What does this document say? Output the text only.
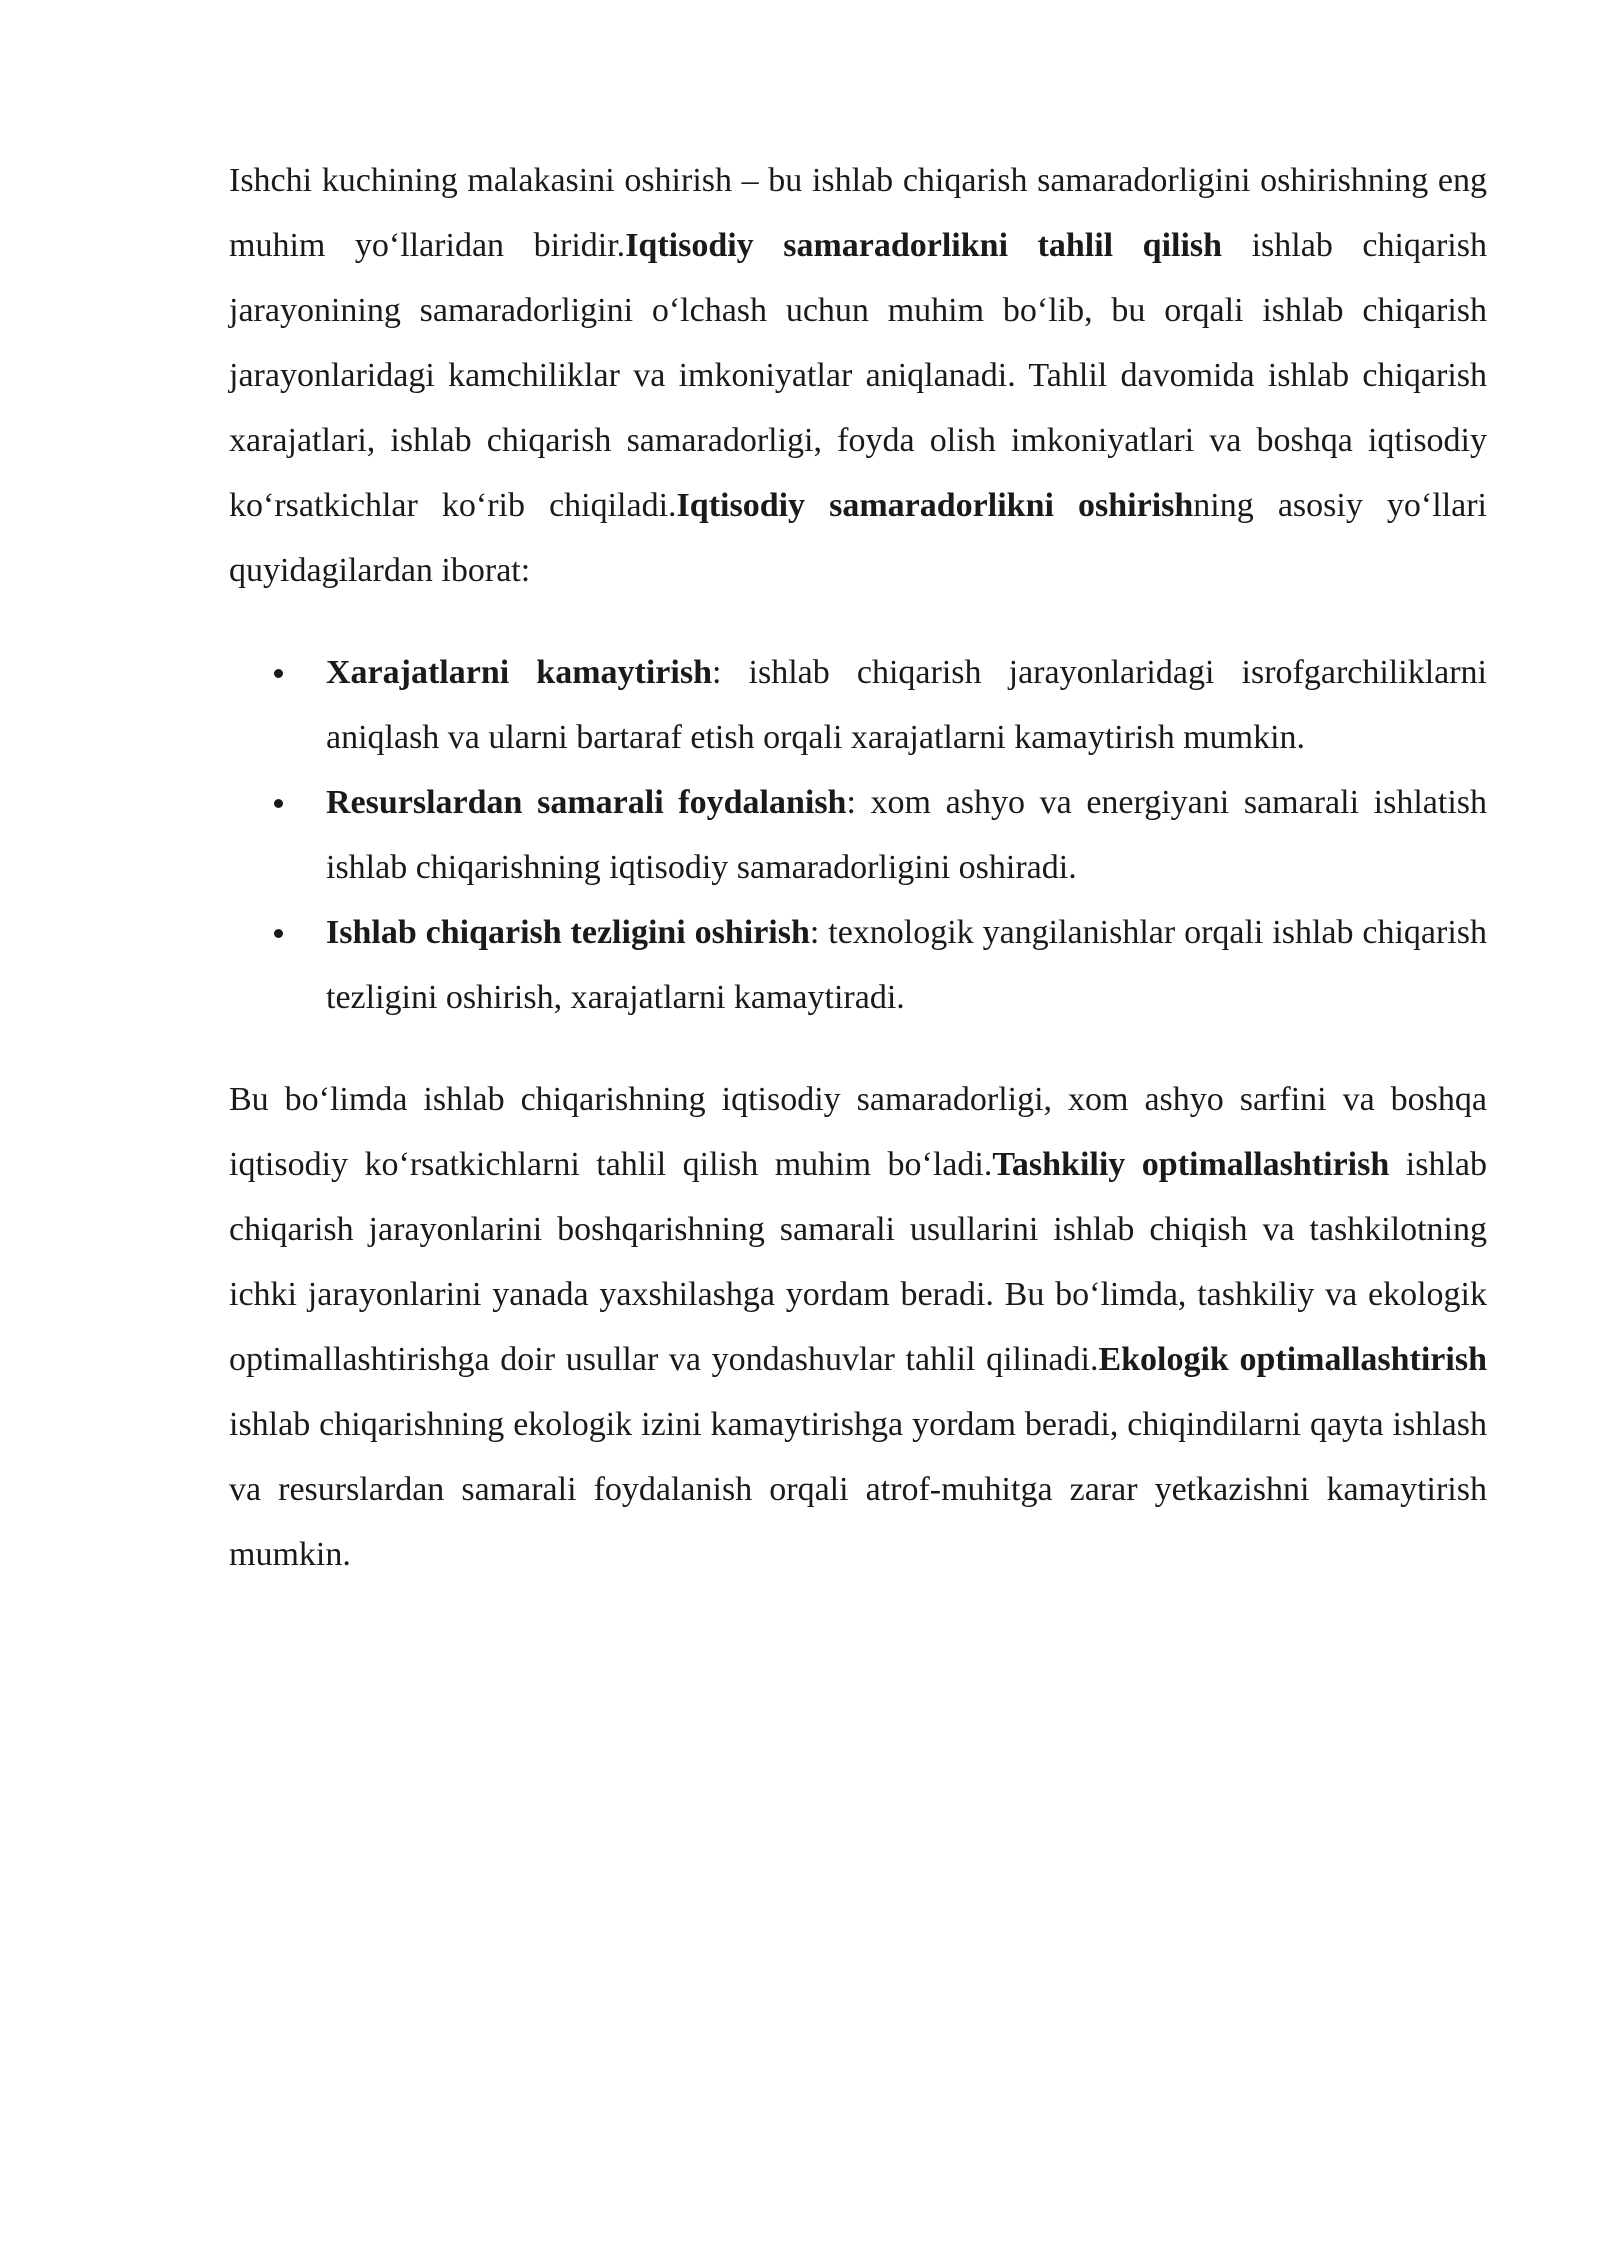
Ishchi kuchining malakasini oshirish – bu ishlab chiqarish samaradorligini oshirishning eng muhim yo‘llaridan biridir.Iqtisodiy samaradorlikni tahlil qilish ishlab chiqarish jarayonining samaradorligini o‘lchash uchun muhim bo‘lib, bu orqali ishlab chiqarish jarayonlaridagi kamchiliklar va imkoniyatlar aniqlanadi. Tahlil davomida ishlab chiqarish xarajatlari, ishlab chiqarish samaradorligi, foyda olish imkoniyatlari va boshqa iqtisodiy ko‘rsatkichlar ko‘rib chiqiladi.Iqtisodiy samaradorlikni oshirishning asosiy yo‘llari quyidagilardan iborat:

Xarajatlarni kamaytirish: ishlab chiqarish jarayonlaridagi isrofgarchiliklarni aniqlash va ularni bartaraf etish orqali xarajatlarni kamaytirish mumkin.
Resurslardan samarali foydalanish: xom ashyo va energiyani samarali ishlatish ishlab chiqarishning iqtisodiy samaradorligini oshiradi.
Ishlab chiqarish tezligini oshirish: texnologik yangilanishlar orqali ishlab chiqarish tezligini oshirish, xarajatlarni kamaytiradi.

Bu bo‘limda ishlab chiqarishning iqtisodiy samaradorligi, xom ashyo sarfini va boshqa iqtisodiy ko‘rsatkichlarni tahlil qilish muhim bo‘ladi.Tashkiliy optimallashtirish ishlab chiqarish jarayonlarini boshqarishning samarali usullarini ishlab chiqish va tashkilotning ichki jarayonlarini yanada yaxshilashga yordam beradi. Bu bo‘limda, tashkiliy va ekologik optimallashtirishga doir usullar va yondashuvlar tahlil qilinadi.Ekologik optimallashtirish ishlab chiqarishning ekologik izini kamaytirishga yordam beradi, chiqindilarni qayta ishlash va resurslardan samarali foydalanish orqali atrof-muhitga zarar yetkazishni kamaytirish mumkin.
